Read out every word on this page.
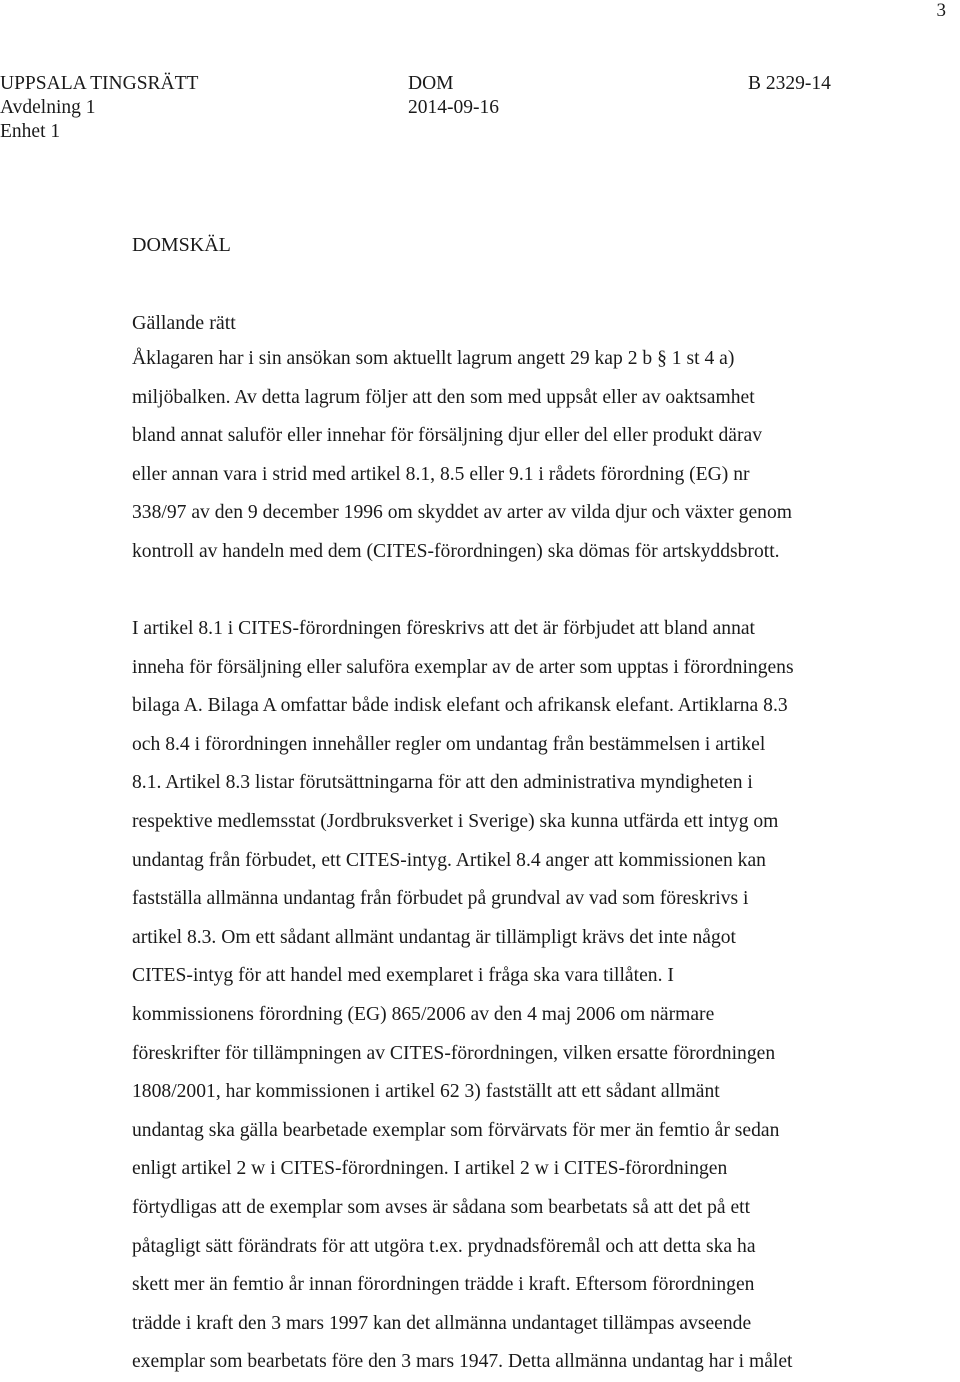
3
UPPSALA TINGSRÄTT
Avdelning 1
Enhet 1
DOM
2014-09-16
B 2329-14
DOMSKÄL
Gällande rätt
Åklagaren har i sin ansökan som aktuellt lagrum angett 29 kap 2 b § 1 st 4 a)
miljöbalken. Av detta lagrum följer att den som med uppsåt eller av oaktsamhet
bland annat saluför eller innehar för försäljning djur eller del eller produkt därav
eller annan vara i strid med artikel 8.1, 8.5 eller 9.1 i rådets förordning (EG) nr
338/97 av den 9 december 1996 om skyddet av arter av vilda djur och växter genom
kontroll av handeln med dem (CITES-förordningen) ska dömas för artskyddsbrott.
I artikel 8.1 i CITES-förordningen föreskrivs att det är förbjudet att bland annat
inneha för försäljning eller saluföra exemplar av de arter som upptas i förordningens
bilaga A. Bilaga A omfattar både indisk elefant och afrikansk elefant. Artiklarna 8.3
och 8.4 i förordningen innehåller regler om undantag från bestämmelsen i artikel
8.1. Artikel 8.3 listar förutsättningarna för att den administrativa myndigheten i
respektive medlemsstat (Jordbruksverket i Sverige) ska kunna utfärda ett intyg om
undantag från förbudet, ett CITES-intyg. Artikel 8.4 anger att kommissionen kan
fastställa allmänna undantag från förbudet på grundval av vad som föreskrivs i
artikel 8.3. Om ett sådant allmänt undantag är tillämpligt krävs det inte något
CITES-intyg för att handel med exemplaret i fråga ska vara tillåten. I
kommissionens förordning (EG) 865/2006 av den 4 maj 2006 om närmare
föreskrifter för tillämpningen av CITES-förordningen, vilken ersatte förordningen
1808/2001, har kommissionen i artikel 62 3) fastställt att ett sådant allmänt
undantag ska gälla bearbetade exemplar som förvärvats för mer än femtio år sedan
enligt artikel 2 w i CITES-förordningen. I artikel 2 w i CITES-förordningen
förtydligas att de exemplar som avses är sådana som bearbetats så att det på ett
påtagligt sätt förändrats för att utgöra t.ex. prydnadsföremål och att detta ska ha
skett mer än femtio år innan förordningen trädde i kraft. Eftersom förordningen
trädde i kraft den 3 mars 1997 kan det allmänna undantaget tillämpas avseende
exemplar som bearbetats före den 3 mars 1947. Detta allmänna undantag har i målet
